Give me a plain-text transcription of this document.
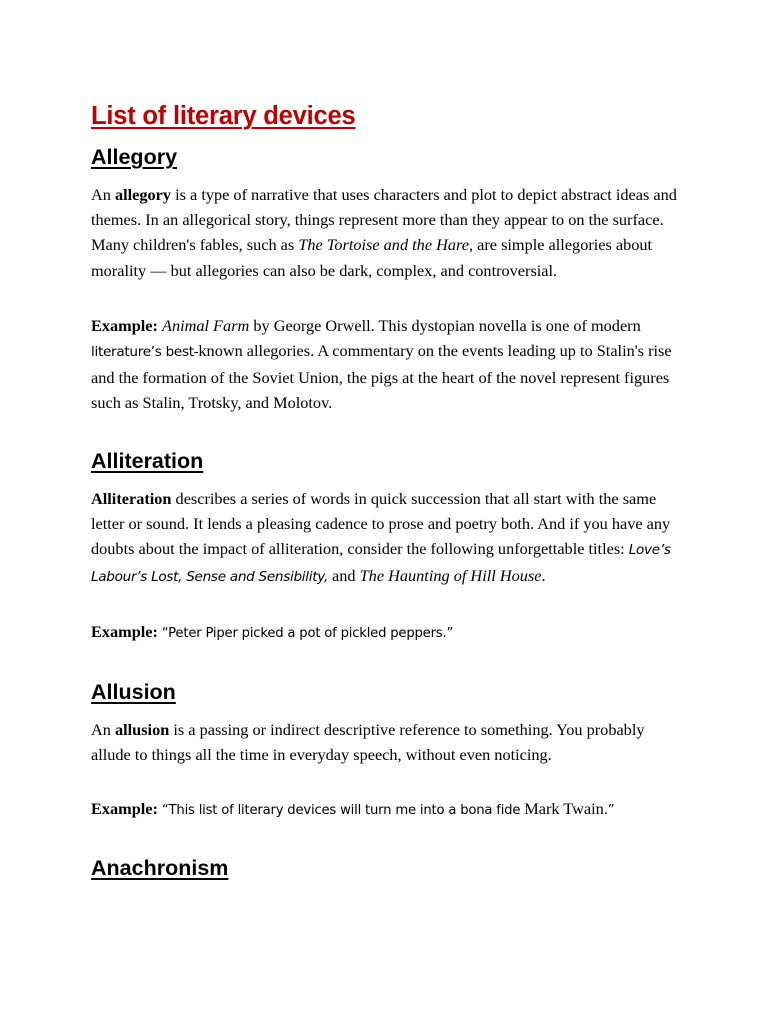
List of literary devices
Allegory

An allegory is a type of narrative that uses characters and plot to depict abstract ideas and themes. In an allegorical story, things represent more than they appear to on the surface. Many children's fables, such as The Tortoise and the Hare, are simple allegories about morality — but allegories can also be dark, complex, and controversial.

Example: Animal Farm by George Orwell. This dystopian novella is one of modern literature’s best-known allegories. A commentary on the events leading up to Stalin's rise and the formation of the Soviet Union, the pigs at the heart of the novel represent figures such as Stalin, Trotsky, and Molotov.

Alliteration

Alliteration describes a series of words in quick succession that all start with the same letter or sound. It lends a pleasing cadence to prose and poetry both. And if you have any doubts about the impact of alliteration, consider the following unforgettable titles: Love’s Labour’s Lost, Sense and Sensibility, and The Haunting of Hill House.

Example: “Peter Piper picked a pot of pickled peppers.”

Allusion

An allusion is a passing or indirect descriptive reference to something. You probably allude to things all the time in everyday speech, without even noticing.

Example: “This list of literary devices will turn me into a bona fide Mark Twain.”

Anachronism
